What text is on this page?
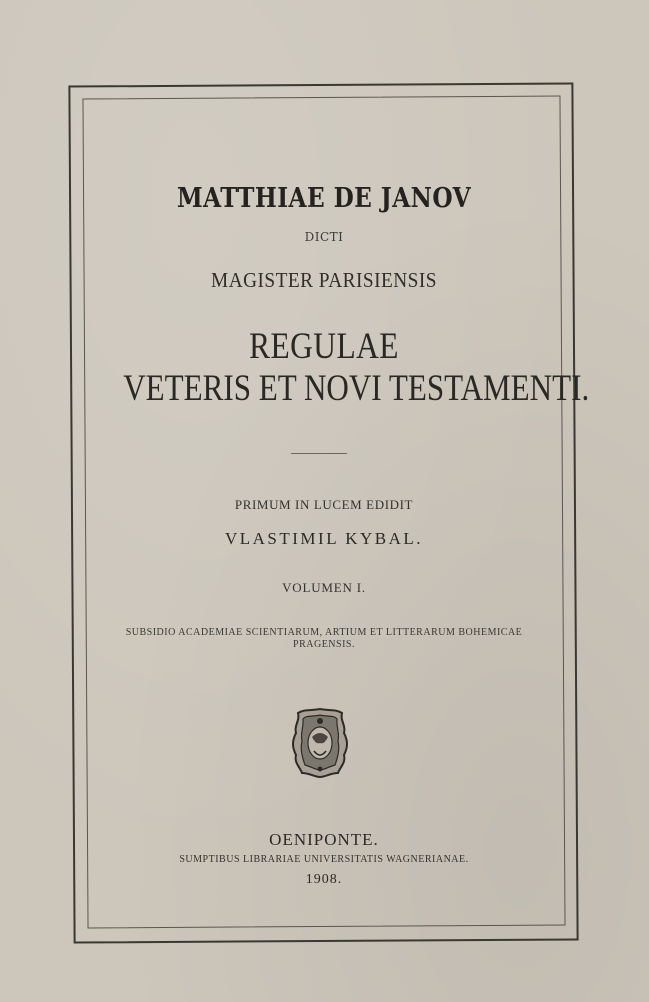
MATTHIAE DE JANOV
DICTI
MAGISTER PARISIENSIS
REGULAE
VETERIS ET NOVI TESTAMENTI.
PRIMUM IN LUCEM EDIDIT
VLASTIMIL KYBAL.
VOLUMEN I.
SUBSIDIO ACADEMIAE SCIENTIARUM, ARTIUM ET LITTERARUM BOHEMICAE PRAGENSIS.
OENIPONTE.
SUMPTIBUS LIBRARIAE UNIVERSITATIS WAGNERIANAE.
1908.
